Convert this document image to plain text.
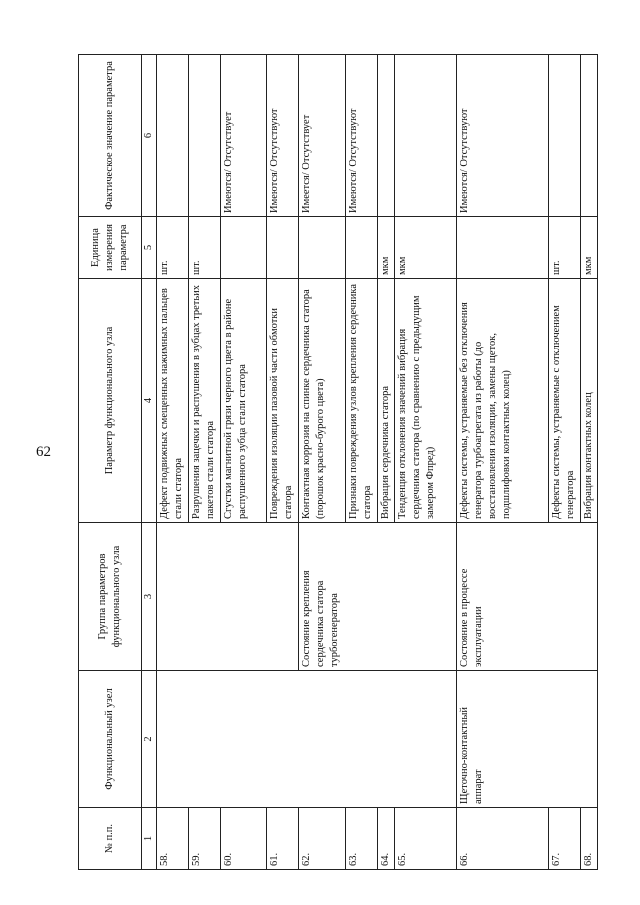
62
№ п.п.	Функциональный узел	Группа параметров функционального узла	Параметр функционального узла	Единица измерения параметра	Фактическое значение параметра
1	2	3	4	5	6
58.			Дефект подвижных смещенных нажимных пальцев стали статора	шт.	
59.			Разрушения зацечки и распушения в зубцах третьих пакетов стали статора	шт.	
60.			Сгустки магнитной грязи черного цвета в районе распушенного зубца стали статора		Имеются/ Отсутствует
61.			Повреждения изоляции пазовой части обмотки статора		Имеются/ Отсутствуют
62.		Состояние крепления сердечника статора турбогенератора	Контактная коррозия на спинке сердечника статора (порошок красно-бурого цвета)		Имеется/ Отсутствует
63.			Признаки повреждения узлов крепления сердечника статора		Имеются/ Отсутствуют
64.			Вибрация сердечника статора	мкм	
65.			Тенденция отклонения значений вибрация сердечника статора (по сравнению с предыдущим замером Фпред)	мкм	
66.	Щеточно-контактный аппарат	Состояние в процессе эксплуатации	Дефекты системы, устраняемые без отключения генератора турбоагрегата из работы (до восстановления изоляции, замены щеток, подшлифовки контактных колец)		Имеются/ Отсутствуют
67.			Дефекты системы, устраняемые с отключением генератора	шт.	
68.			Вибрация контактных колец	мкм	
